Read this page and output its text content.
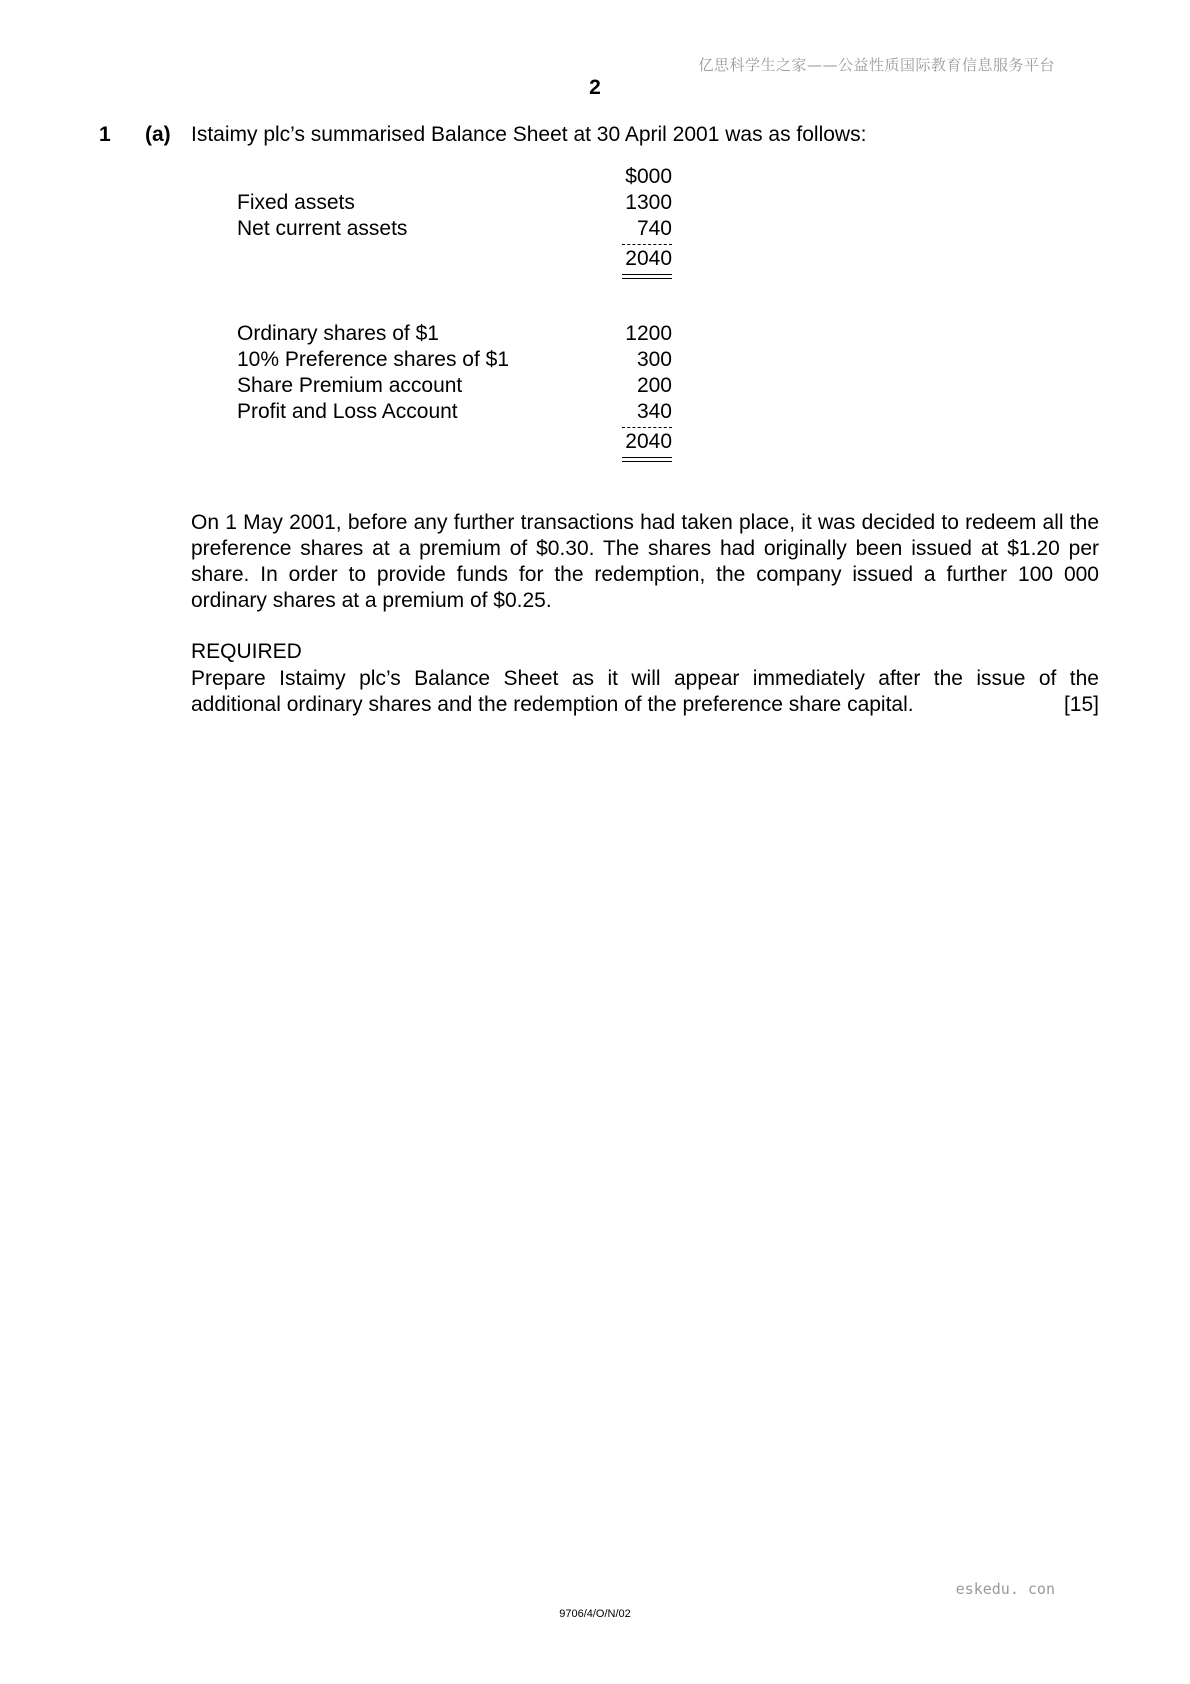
亿思科学生之家——公益性质国际教育信息服务平台
2
1 (a) Istaimy plc’s summarised Balance Sheet at 30 April 2001 was as follows:
$000
Fixed assets	1300
Net current assets	740
2040
Ordinary shares of $1	1200
10% Preference shares of $1	300
Share Premium account	200
Profit and Loss Account	340
2040
On 1 May 2001, before any further transactions had taken place, it was decided to redeem all the preference shares at a premium of $0.30. The shares had originally been issued at $1.20 per share. In order to provide funds for the redemption, the company issued a further 100 000 ordinary shares at a premium of $0.25.
REQUIRED
Prepare Istaimy plc’s Balance Sheet as it will appear immediately after the issue of the
additional ordinary shares and the redemption of the preference share capital.	[15]
eskedu. con
9706/4/O/N/02
